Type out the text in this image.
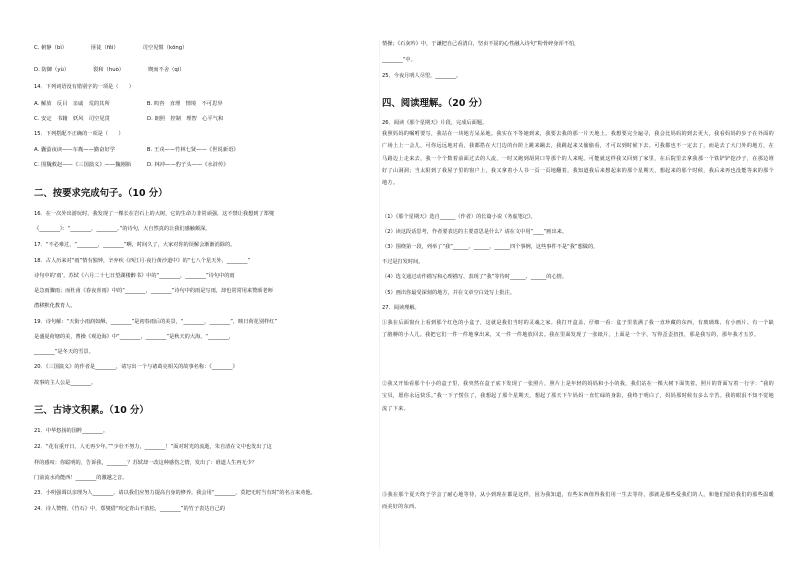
C. 俯静（bì）　　　　　匪徒（fěi）　　　　　司空见惯（kōng）
D. 防御（yù）　　　　　裂和（huò）　　　　　锲而不舍（qì）
14．下列词语没有错别字的一项是（　　）
A. 解放　反目　亲戚　荒的其所　　　　　　　B. 呜咨　直理　情境　不可思异
C. 安定　书籍　妖风　司空见贯　　　　　　　D. 朗照　控制　理智　心平气和
15．下列搭配不正确的一项是（　　）
A. 囊萤夜读——车胤——勤奋好学　　　　　　B. 王戎——竹林七贤——《世说新语》
C. 围魏救赵——《三国演义》——魏刚瓶　　　D. 林冲——豹子头——《水浒传》
二、按要求完成句子。（10 分）
16．在一次外出游玩时，我发现了一棵长在岩石上的大树，它的生命力非常顽强，这不禁让我想到了郑燮
《________》：“________，________。”的诗句，大自然真的让我们感触颇深。
17．“不必难过，“________，________”啊，时间久了，大家对你的误解会渐渐消除的。
18．古人历来对“雨”情有独钟，辛弃疾《西江月·夜行黄沙道中》的“七八个星天外，________”
诗句中的‘雨’，苏轼《六月二十七日望湖楼醉书》中的“________，________”诗句中的雨
是急雨骤雨；而杜甫《春夜喜雨》中的“________，________”诗句中的雨是写雨，却也常常用来赞颂老师
潜移默化教育人。
19．诗句解：“天街小雨润如酥，________”是初春雨后的美景，“________，________”，映日荷花别样红”
是盛夏荷塘的美，曹操《观沧海》中“________，________”是秋天的大海，“________，
________”是冬天的雪景。
20．《三国演义》的作者是________，请写出一个与诸葛亮相关的故事名称：《________》
故事的主人公是________。
三、古诗文积累。（10 分）
21．中华悠扬的国粹________。
22．“花有重开日，人无再少年。”“少壮不努力，________！”面对时光的流逝，朱自清在文中也发出了这
样的感叹：你聪明的，告诉我，________？苏轼却一改这种感伤之情，发出了：谁道人生再无少？
门前流水尚能西！________的激越之音。
23．小明强调以亲理为人________，请以我们应努力提高自身的修养。我会用“________，莫把无时当有时”的名言来劝他。
24．诗人赞物、《竹石》中，郑燮借“咬定青山不放松，________”的竹子表达自己的
情操；《石灰吟》中，于谦把自己看清白，坚贞不屈的心性融入诗句“粉骨碎身浑不怕，
________”中。
25．今夜月明人尽望，________。
四、阅读理解。（20 分）
26．阅读《那个星期天》片段，完成后面题。
我照妈妈的嘱咐要写，我站在一块地方呆呆地。我实在不等她到来，我要去我的那一片天地上。我想要完全遍寻，我会比妈妈的到去更大，我看妈妈的步子在外面的广场上上一会儿，可你远远地对看，我都搭在大门边的台阶上跳来蹦去，我跳起来又偷偷看，才可以到时候下去。可我都也不一定去了，而是去了大门外的地方，在马路边上走来去，我一个个数着前面过去的人流，一时又跑到胡同口等那个的人来呢。可能就这样我又回到了家里，在后院里去拿我那一个铁铲铲挖沙子，在那边堆好了山洞洞；当太阳到了我屋子里的窗户上，我又拿着小人书一页一页地翻着。我知道我后来想起来的那个星期天，想起来的那个时候，我后来再也没能等来的那个地方。
（1）《那个星期天》选自______（作者）的长篇小说《务虚笔记》。
（2）读这段话思考，作者要表达的主要意思是什么？请在文中用“____”画出来。
（3）围绕第一段，列举了“我”______、______、______四个事例，这些事件不是“我”想做的，
不过是打发时间。
（4）选文通过动作描写和心理描写，表现了“我”等待时______、______的心情。
（5）画出你最受深刻的地方，并在文章空白处写上批注。
27．阅读理解。
①我在后面窗台上看到那个红色的小盒子，这就是我们当时的灵魂之家。我打开盒盖，仔细一看：盒子里装满了我一直珍藏的东西，有玻璃珠、有小画片、有一个缺了胳膊的小人儿。我把它们一件一件地拿出来，又一件一件地放回去。我在里面发现了一张纸片，上面是一个字，写得歪歪扭扭，那是我写的，那年我才五岁。
②我又开始看那个小小的盒子里，我突然在盒子底下发现了一张照片，照片上是年轻的妈妈和小小的我，我们站在一棵大树下面笑着。照片的背面写着一行字：“我的宝贝，愿你永远快乐。”我一下子愣住了，我想起了那个星期天，想起了那天下午妈妈一直忙碌的身影，我终于明白了，妈妈那时候有多么辛苦。我的眼泪不知不觉地流了下来。
③我在那个夏天终于学会了耐心地等待，从小到现在都是这样，因为我知道，有些东西值得我们用一生去等待，那就是那些爱我们的人，和他们留给我们的那些温暖而美好的东西。
